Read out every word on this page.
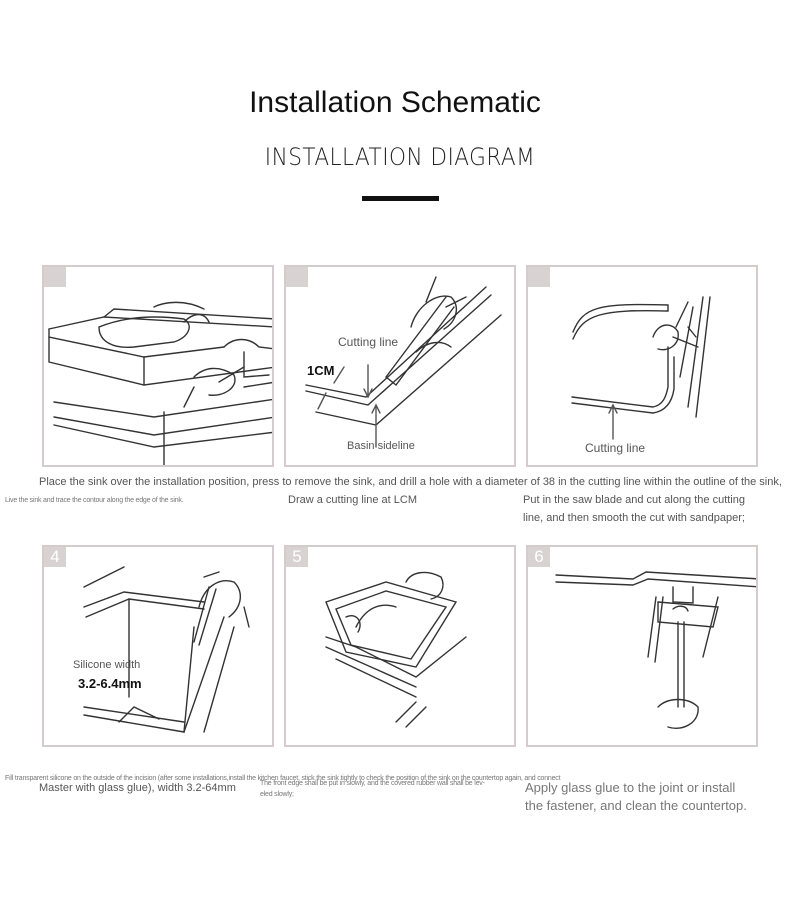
Installation Schematic
INSTALLATION DIAGRAM
Cutting line
1CM
Basin sideline	Cutting line
Place the sink over the installation position, press to remove the sink, and drill a hole with a diameter of 38 in the cutting line within the outline of the sink,
Live the sink and trace the contour along the edge of the sink.	Draw a cutting line at LCM	Put in the saw blade and cut along the cutting
line, and then smooth the cut with sandpaper;
4
Silicone width
3.2-6.4mm
5	6
Fill transparent silicone on the outside of the incision (after some installations,install the kitchen faucet, stick the sink tightly to check the position of the sink on the countertop again, and connect
Master with glass glue), width 3.2-64mm	The front edge shall be put in slowly, and the covered rubber wall shall be lev-
eled slowly;	Apply glass glue to the joint or install
the fastener, and clean the countertop.
